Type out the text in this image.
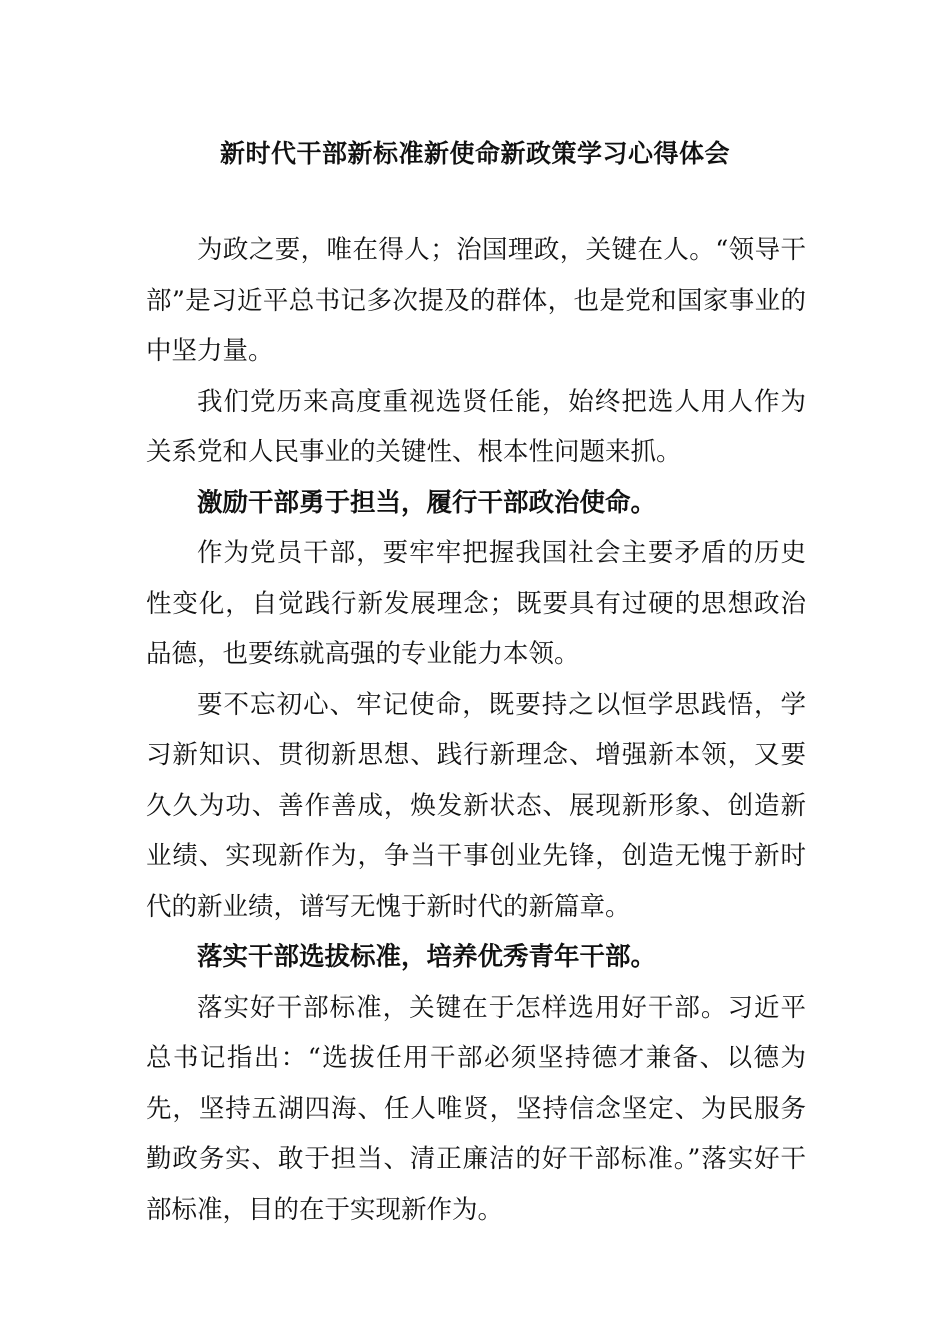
新时代干部新标准新使命新政策学习心得体会

为政之要，唯在得人；治国理政，关键在人。“领导干部”是习近平总书记多次提及的群体，也是党和国家事业的中坚力量。

我们党历来高度重视选贤任能，始终把选人用人作为关系党和人民事业的关键性、根本性问题来抓。

激励干部勇于担当，履行干部政治使命。

作为党员干部，要牢牢把握我国社会主要矛盾的历史性变化，自觉践行新发展理念；既要具有过硬的思想政治品德，也要练就高强的专业能力本领。

要不忘初心、牢记使命，既要持之以恒学思践悟，学习新知识、贯彻新思想、践行新理念、增强新本领，又要久久为功、善作善成，焕发新状态、展现新形象、创造新业绩、实现新作为，争当干事创业先锋，创造无愧于新时代的新业绩，谱写无愧于新时代的新篇章。

落实干部选拔标准，培养优秀青年干部。

落实好干部标准，关键在于怎样选用好干部。习近平总书记指出：“选拔任用干部必须坚持德才兼备、以德为先，坚持五湖四海、任人唯贤，坚持信念坚定、为民服务勤政务实、敢于担当、清正廉洁的好干部标准。”落实好干部标准，目的在于实现新作为。
